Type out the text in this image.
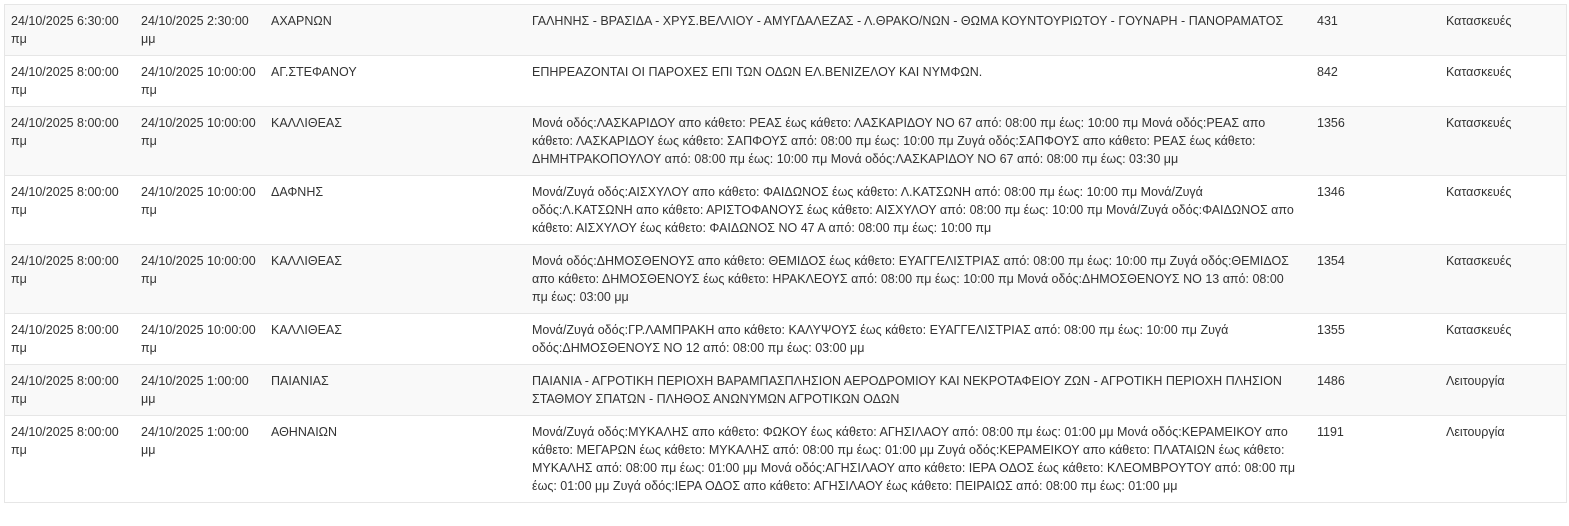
24/10/2025 6:30:00 πμ	24/10/2025 2:30:00 μμ	ΑΧΑΡΝΩΝ	ΓΑΛΗΝΗΣ - ΒΡΑΣΙΔΑ - ΧΡΥΣ.ΒΕΛΛΙΟΥ - ΑΜΥΓΔΑΛΕΖΑΣ - Λ.ΘΡΑΚΟ/ΝΩΝ - ΘΩΜΑ ΚΟΥΝΤΟΥΡΙΩΤΟΥ - ΓΟΥΝΑΡΗ - ΠΑΝΟΡΑΜΑΤΟΣ	431	Κατασκευές
24/10/2025 8:00:00 πμ	24/10/2025 10:00:00 πμ	ΑΓ.ΣΤΕΦΑΝΟΥ	ΕΠΗΡΕΑΖΟΝΤΑΙ ΟΙ ΠΑΡΟΧΕΣ ΕΠΙ ΤΩΝ ΟΔΩΝ ΕΛ.ΒΕΝΙΖΕΛΟΥ ΚΑΙ ΝΥΜΦΩΝ.	842	Κατασκευές
24/10/2025 8:00:00 πμ	24/10/2025 10:00:00 πμ	ΚΑΛΛΙΘΕΑΣ	Μονά οδός:ΛΑΣΚΑΡΙΔΟΥ απο κάθετο: ΡΕΑΣ έως κάθετο: ΛΑΣΚΑΡΙΔΟΥ ΝΟ 67 από: 08:00 πμ έως: 10:00 πμ Μονά οδός:ΡΕΑΣ απο κάθετο: ΛΑΣΚΑΡΙΔΟΥ έως κάθετο: ΣΑΠΦΟΥΣ από: 08:00 πμ έως: 10:00 πμ Ζυγά οδός:ΣΑΠΦΟΥΣ απο κάθετο: ΡΕΑΣ έως κάθετο: ΔΗΜΗΤΡΑΚΟΠΟΥΛΟΥ από: 08:00 πμ έως: 10:00 πμ Μονά οδός:ΛΑΣΚΑΡΙΔΟΥ ΝΟ 67 από: 08:00 πμ έως: 03:30 μμ	1356	Κατασκευές
24/10/2025 8:00:00 πμ	24/10/2025 10:00:00 πμ	ΔΑΦΝΗΣ	Μονά/Ζυγά οδός:ΑΙΣΧΥΛΟΥ απο κάθετο: ΦΑΙΔΩΝΟΣ έως κάθετο: Λ.ΚΑΤΣΩΝΗ από: 08:00 πμ έως: 10:00 πμ Μονά/Ζυγά οδός:Λ.ΚΑΤΣΩΝΗ απο κάθετο: ΑΡΙΣΤΟΦΑΝΟΥΣ έως κάθετο: ΑΙΣΧΥΛΟΥ από: 08:00 πμ έως: 10:00 πμ Μονά/Ζυγά οδός:ΦΑΙΔΩΝΟΣ απο κάθετο: ΑΙΣΧΥΛΟΥ έως κάθετο: ΦΑΙΔΩΝΟΣ ΝΟ 47 Α από: 08:00 πμ έως: 10:00 πμ	1346	Κατασκευές
24/10/2025 8:00:00 πμ	24/10/2025 10:00:00 πμ	ΚΑΛΛΙΘΕΑΣ	Μονά οδός:ΔΗΜΟΣΘΕΝΟΥΣ απο κάθετο: ΘΕΜΙΔΟΣ έως κάθετο: ΕΥΑΓΓΕΛΙΣΤΡΙΑΣ από: 08:00 πμ έως: 10:00 πμ Ζυγά οδός:ΘΕΜΙΔΟΣ απο κάθετο: ΔΗΜΟΣΘΕΝΟΥΣ έως κάθετο: ΗΡΑΚΛΕΟΥΣ από: 08:00 πμ έως: 10:00 πμ Μονά οδός:ΔΗΜΟΣΘΕΝΟΥΣ ΝΟ 13 από: 08:00 πμ έως: 03:00 μμ	1354	Κατασκευές
24/10/2025 8:00:00 πμ	24/10/2025 10:00:00 πμ	ΚΑΛΛΙΘΕΑΣ	Μονά/Ζυγά οδός:ΓΡ.ΛΑΜΠΡΑΚΗ απο κάθετο: ΚΑΛΥΨΟΥΣ έως κάθετο: ΕΥΑΓΓΕΛΙΣΤΡΙΑΣ από: 08:00 πμ έως: 10:00 πμ Ζυγά οδός:ΔΗΜΟΣΘΕΝΟΥΣ ΝΟ 12 από: 08:00 πμ έως: 03:00 μμ	1355	Κατασκευές
24/10/2025 8:00:00 πμ	24/10/2025 1:00:00 μμ	ΠΑΙΑΝΙΑΣ	ΠΑΙΑΝΙΑ - ΑΓΡΟΤΙΚΗ ΠΕΡΙΟΧΗ ΒΑΡΑΜΠΑΣΠΛΗΣΙΟΝ ΑΕΡΟΔΡΟΜΙΟΥ ΚΑΙ ΝΕΚΡΟΤΑΦΕΙΟΥ ΖΩΝ - ΑΓΡΟΤΙΚΗ ΠΕΡΙΟΧΗ ΠΛΗΣΙΟΝ ΣΤΑΘΜΟΥ ΣΠΑΤΩΝ - ΠΛΗΘΟΣ ΑΝΩΝΥΜΩΝ ΑΓΡΟΤΙΚΩΝ ΟΔΩΝ	1486	Λειτουργία
24/10/2025 8:00:00 πμ	24/10/2025 1:00:00 μμ	ΑΘΗΝΑΙΩΝ	Μονά/Ζυγά οδός:ΜΥΚΑΛΗΣ απο κάθετο: ΦΩΚΟΥ έως κάθετο: ΑΓΗΣΙΛΑΟΥ από: 08:00 πμ έως: 01:00 μμ Μονά οδός:ΚΕΡΑΜΕΙΚΟΥ απο κάθετο: ΜΕΓΑΡΩΝ έως κάθετο: ΜΥΚΑΛΗΣ από: 08:00 πμ έως: 01:00 μμ Ζυγά οδός:ΚΕΡΑΜΕΙΚΟΥ απο κάθετο: ΠΛΑΤΑΙΩΝ έως κάθετο: ΜΥΚΑΛΗΣ από: 08:00 πμ έως: 01:00 μμ Μονά οδός:ΑΓΗΣΙΛΑΟΥ απο κάθετο: ΙΕΡΑ ΟΔΟΣ έως κάθετο: ΚΛΕΟΜΒΡΟΥΤΟΥ από: 08:00 πμ έως: 01:00 μμ Ζυγά οδός:ΙΕΡΑ ΟΔΟΣ απο κάθετο: ΑΓΗΣΙΛΑΟΥ έως κάθετο: ΠΕΙΡΑΙΩΣ από: 08:00 πμ έως: 01:00 μμ	1191	Λειτουργία
